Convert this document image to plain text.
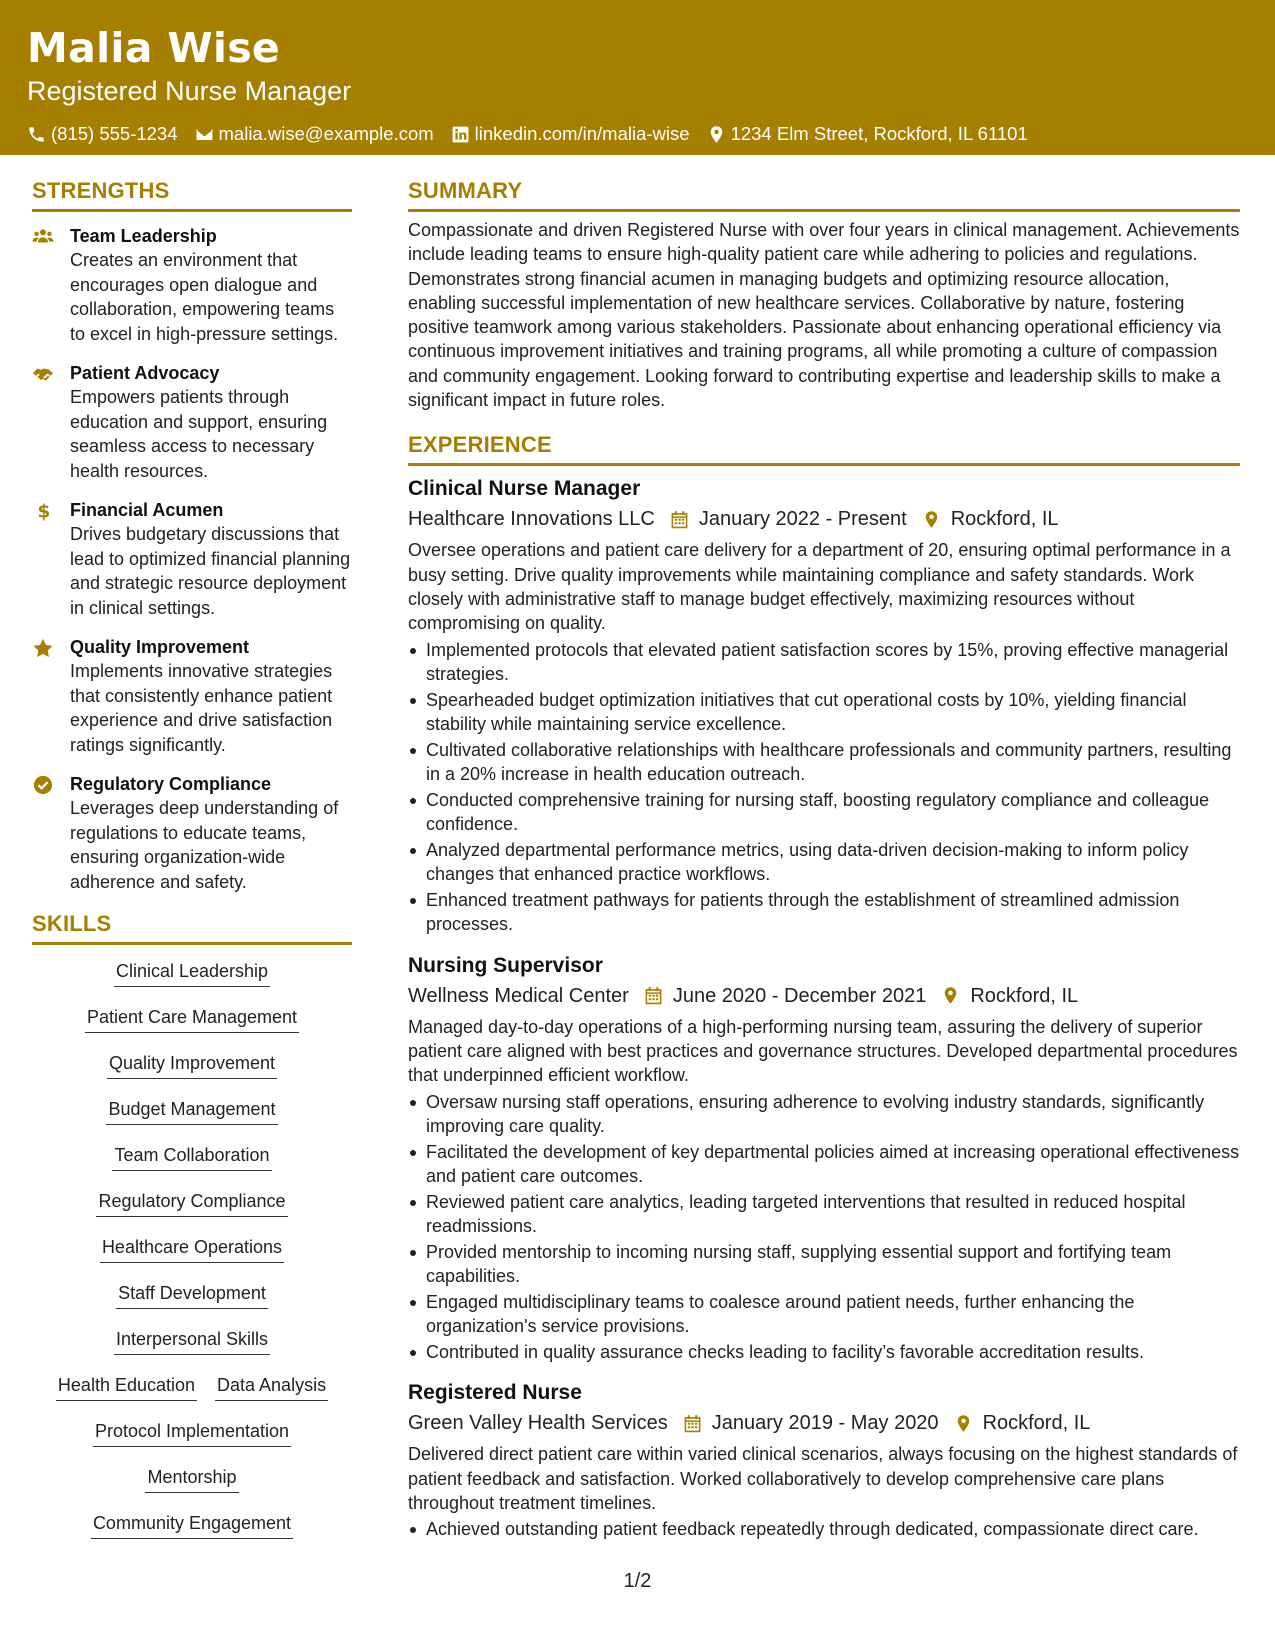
Malia Wise
Registered Nurse Manager
(815) 555-1234 malia.wise@example.com linkedin.com/in/malia-wise 1234 Elm Street, Rockford, IL 61101
STRENGTHS
Team Leadership
Creates an environment that encourages open dialogue and collaboration, empowering teams to excel in high-pressure settings.
Patient Advocacy
Empowers patients through education and support, ensuring seamless access to necessary health resources.
$ Financial Acumen
Drives budgetary discussions that lead to optimized financial planning and strategic resource deployment in clinical settings.
Quality Improvement
Implements innovative strategies that consistently enhance patient experience and drive satisfaction ratings significantly.
Regulatory Compliance
Leverages deep understanding of regulations to educate teams, ensuring organization-wide adherence and safety.
SKILLS
Clinical Leadership
Patient Care Management
Quality Improvement
Budget Management
Team Collaboration
Regulatory Compliance
Healthcare Operations
Staff Development
Interpersonal Skills
Health Education Data Analysis
Protocol Implementation
Mentorship
Community Engagement
SUMMARY
Compassionate and driven Registered Nurse with over four years in clinical management. Achievements include leading teams to ensure high-quality patient care while adhering to policies and regulations. Demonstrates strong financial acumen in managing budgets and optimizing resource allocation, enabling successful implementation of new healthcare services. Collaborative by nature, fostering positive teamwork among various stakeholders. Passionate about enhancing operational efficiency via continuous improvement initiatives and training programs, all while promoting a culture of compassion and community engagement. Looking forward to contributing expertise and leadership skills to make a significant impact in future roles.
EXPERIENCE
Clinical Nurse Manager
Healthcare Innovations LLC January 2022 - Present Rockford, IL
Oversee operations and patient care delivery for a department of 20, ensuring optimal performance in a busy setting. Drive quality improvements while maintaining compliance and safety standards. Work closely with administrative staff to manage budget effectively, maximizing resources without compromising on quality.
Implemented protocols that elevated patient satisfaction scores by 15%, proving effective managerial strategies.
Spearheaded budget optimization initiatives that cut operational costs by 10%, yielding financial stability while maintaining service excellence.
Cultivated collaborative relationships with healthcare professionals and community partners, resulting in a 20% increase in health education outreach.
Conducted comprehensive training for nursing staff, boosting regulatory compliance and colleague confidence.
Analyzed departmental performance metrics, using data-driven decision-making to inform policy changes that enhanced practice workflows.
Enhanced treatment pathways for patients through the establishment of streamlined admission processes.
Nursing Supervisor
Wellness Medical Center June 2020 - December 2021 Rockford, IL
Managed day-to-day operations of a high-performing nursing team, assuring the delivery of superior patient care aligned with best practices and governance structures. Developed departmental procedures that underpinned efficient workflow.
Oversaw nursing staff operations, ensuring adherence to evolving industry standards, significantly improving care quality.
Facilitated the development of key departmental policies aimed at increasing operational effectiveness and patient care outcomes.
Reviewed patient care analytics, leading targeted interventions that resulted in reduced hospital readmissions.
Provided mentorship to incoming nursing staff, supplying essential support and fortifying team capabilities.
Engaged multidisciplinary teams to coalesce around patient needs, further enhancing the organization's service provisions.
Contributed in quality assurance checks leading to facility’s favorable accreditation results.
Registered Nurse
Green Valley Health Services January 2019 - May 2020 Rockford, IL
Delivered direct patient care within varied clinical scenarios, always focusing on the highest standards of patient feedback and satisfaction. Worked collaboratively to develop comprehensive care plans throughout treatment timelines.
Achieved outstanding patient feedback repeatedly through dedicated, compassionate direct care.
1/2
